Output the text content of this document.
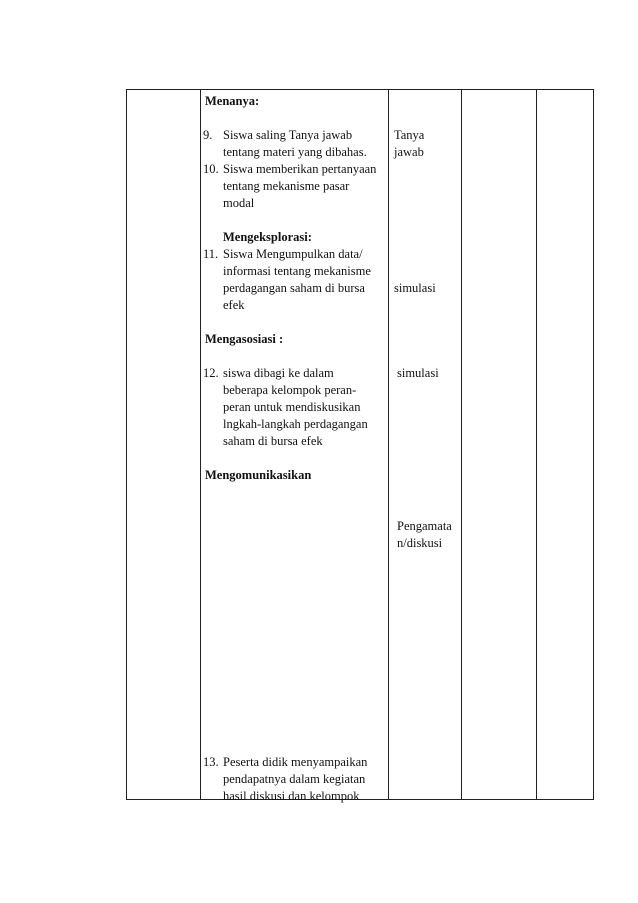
Menanya:
9. Siswa saling Tanya jawab
tentang materi yang dibahas.
10. Siswa memberikan pertanyaan
tentang mekanisme pasar
modal
Mengeksplorasi:
11. Siswa Mengumpulkan data/
informasi tentang mekanisme
perdagangan saham di bursa
efek
Mengasosiasi :
12. siswa dibagi ke dalam
beberapa kelompok peran-
peran untuk mendiskusikan
lngkah-langkah perdagangan
saham di bursa efek
Mengomunikasikan
13. Peserta didik menyampaikan
pendapatnya dalam kegiatan
hasil diskusi dan kelompok
Tanya
jawab
simulasi
simulasi
Pengamata
n/diskusi
